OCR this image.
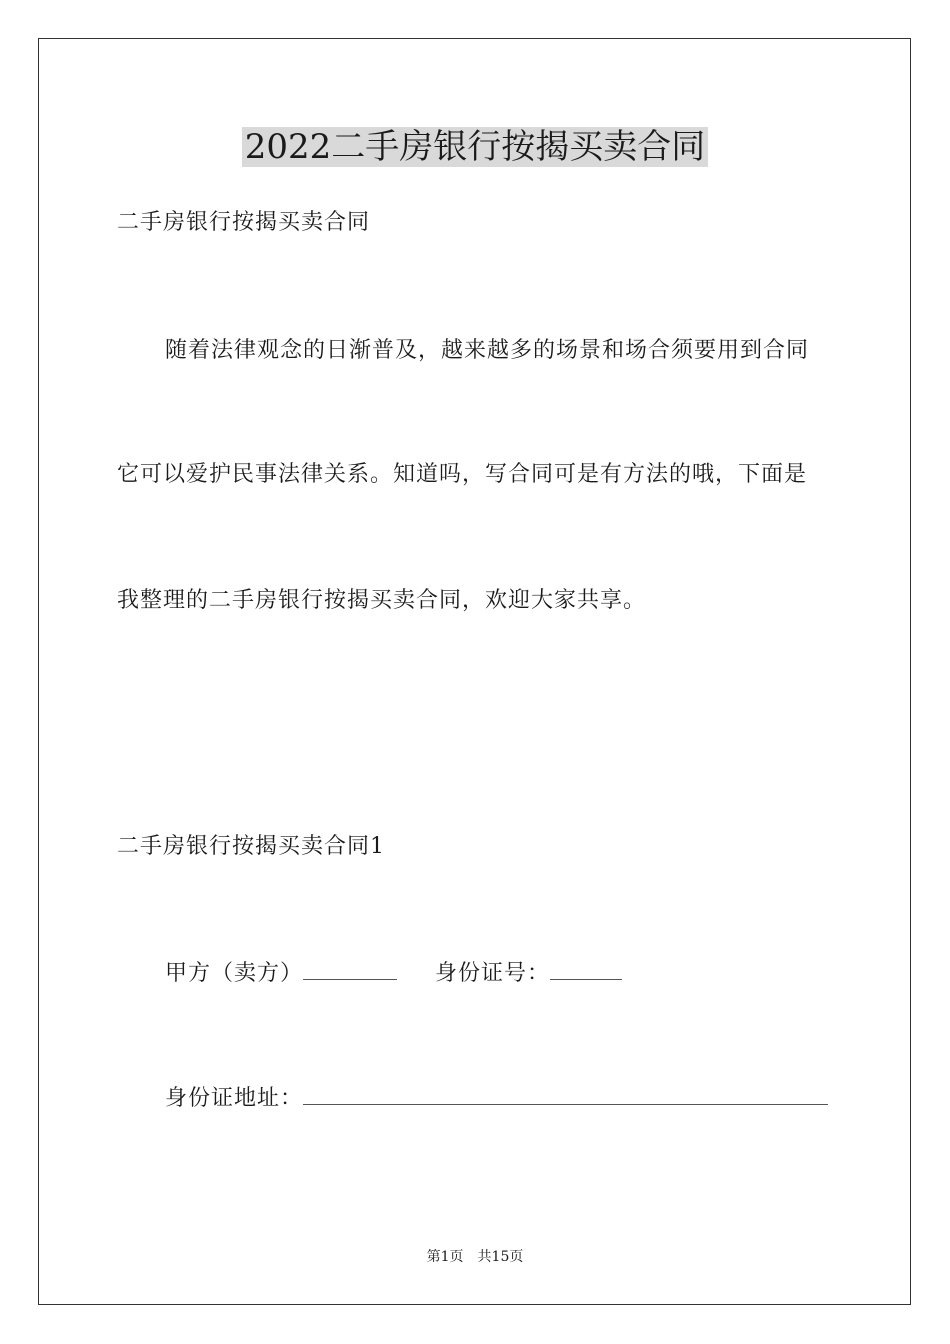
2022二手房银行按揭买卖合同
二手房银行按揭买卖合同
随着法律观念的日渐普及，越来越多的场景和场合须要用到合同
它可以爱护民事法律关系。知道吗，写合同可是有方法的哦，下面是
我整理的二手房银行按揭买卖合同，欢迎大家共享。
二手房银行按揭买卖合同1
甲方（卖方）	身份证号：
身份证地址：
第1页 共15页
